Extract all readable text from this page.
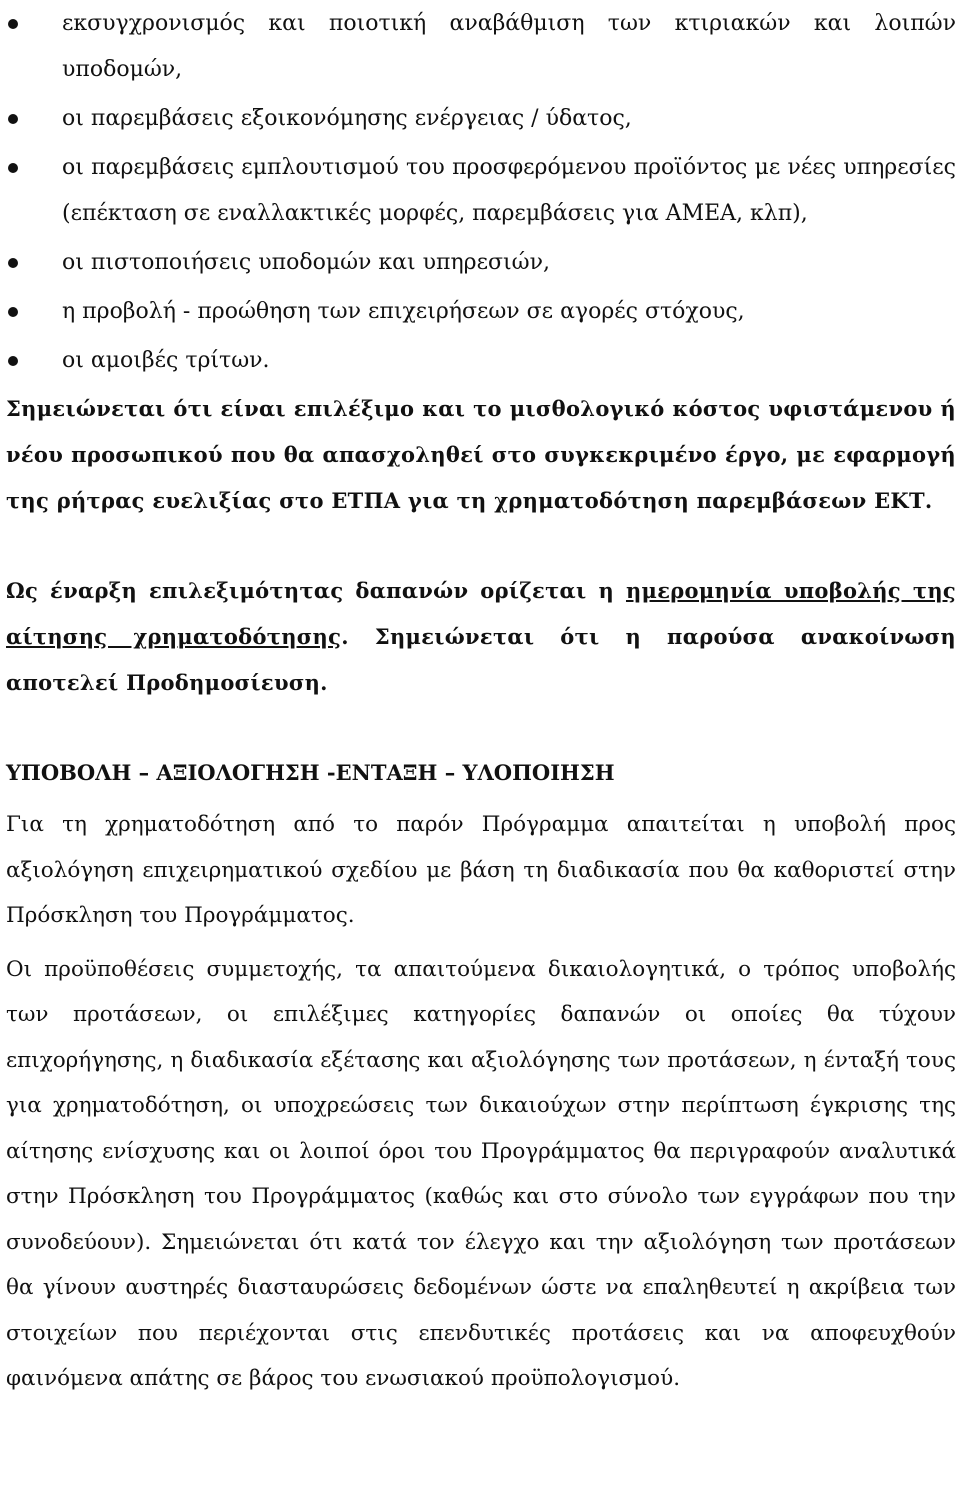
εκσυγχρονισμός και ποιοτική αναβάθμιση των κτιριακών και λοιπών υποδομών,
οι παρεμβάσεις εξοικονόμησης ενέργειας / ύδατος,
οι παρεμβάσεις εμπλουτισμού του προσφερόμενου προϊόντος με νέες υπηρεσίες (επέκταση σε εναλλακτικές μορφές, παρεμβάσεις για ΑΜΕΑ, κλπ),
οι πιστοποιήσεις υποδομών και υπηρεσιών,
η προβολή - προώθηση των επιχειρήσεων σε αγορές στόχους,
οι αμοιβές τρίτων.

Σημειώνεται ότι είναι επιλέξιμο και το μισθολογικό κόστος υφιστάμενου ή νέου προσωπικού που θα απασχοληθεί στο συγκεκριμένο έργο, με εφαρμογή της ρήτρας ευελιξίας στο ΕΤΠΑ για τη χρηματοδότηση παρεμβάσεων ΕΚΤ.

Ως έναρξη επιλεξιμότητας δαπανών ορίζεται η ημερομηνία υποβολής της αίτησης χρηματοδότησης. Σημειώνεται ότι η παρούσα ανακοίνωση αποτελεί Προδημοσίευση.

ΥΠΟΒΟΛΗ – ΑΞΙΟΛΟΓΗΣΗ -ΕΝΤΑΞΗ – ΥΛΟΠΟΙΗΣΗ

Για τη χρηματοδότηση από το παρόν Πρόγραμμα απαιτείται η υποβολή προς αξιολόγηση επιχειρηματικού σχεδίου με βάση τη διαδικασία που θα καθοριστεί στην Πρόσκληση του Προγράμματος.

Οι προϋποθέσεις συμμετοχής, τα απαιτούμενα δικαιολογητικά, ο τρόπος υποβολής των προτάσεων, οι επιλέξιμες κατηγορίες δαπανών οι οποίες θα τύχουν επιχορήγησης, η διαδικασία εξέτασης και αξιολόγησης των προτάσεων, η ένταξή τους για χρηματοδότηση, οι υποχρεώσεις των δικαιούχων στην περίπτωση έγκρισης της αίτησης ενίσχυσης και οι λοιποί όροι του Προγράμματος θα περιγραφούν αναλυτικά στην Πρόσκληση του Προγράμματος (καθώς και στο σύνολο των εγγράφων που την συνοδεύουν). Σημειώνεται ότι κατά τον έλεγχο και την αξιολόγηση των προτάσεων θα γίνουν αυστηρές διασταυρώσεις δεδομένων ώστε να επαληθευτεί η ακρίβεια των στοιχείων που περιέχονται στις επενδυτικές προτάσεις και να αποφευχθούν φαινόμενα απάτης σε βάρος του ενωσιακού προϋπολογισμού.
